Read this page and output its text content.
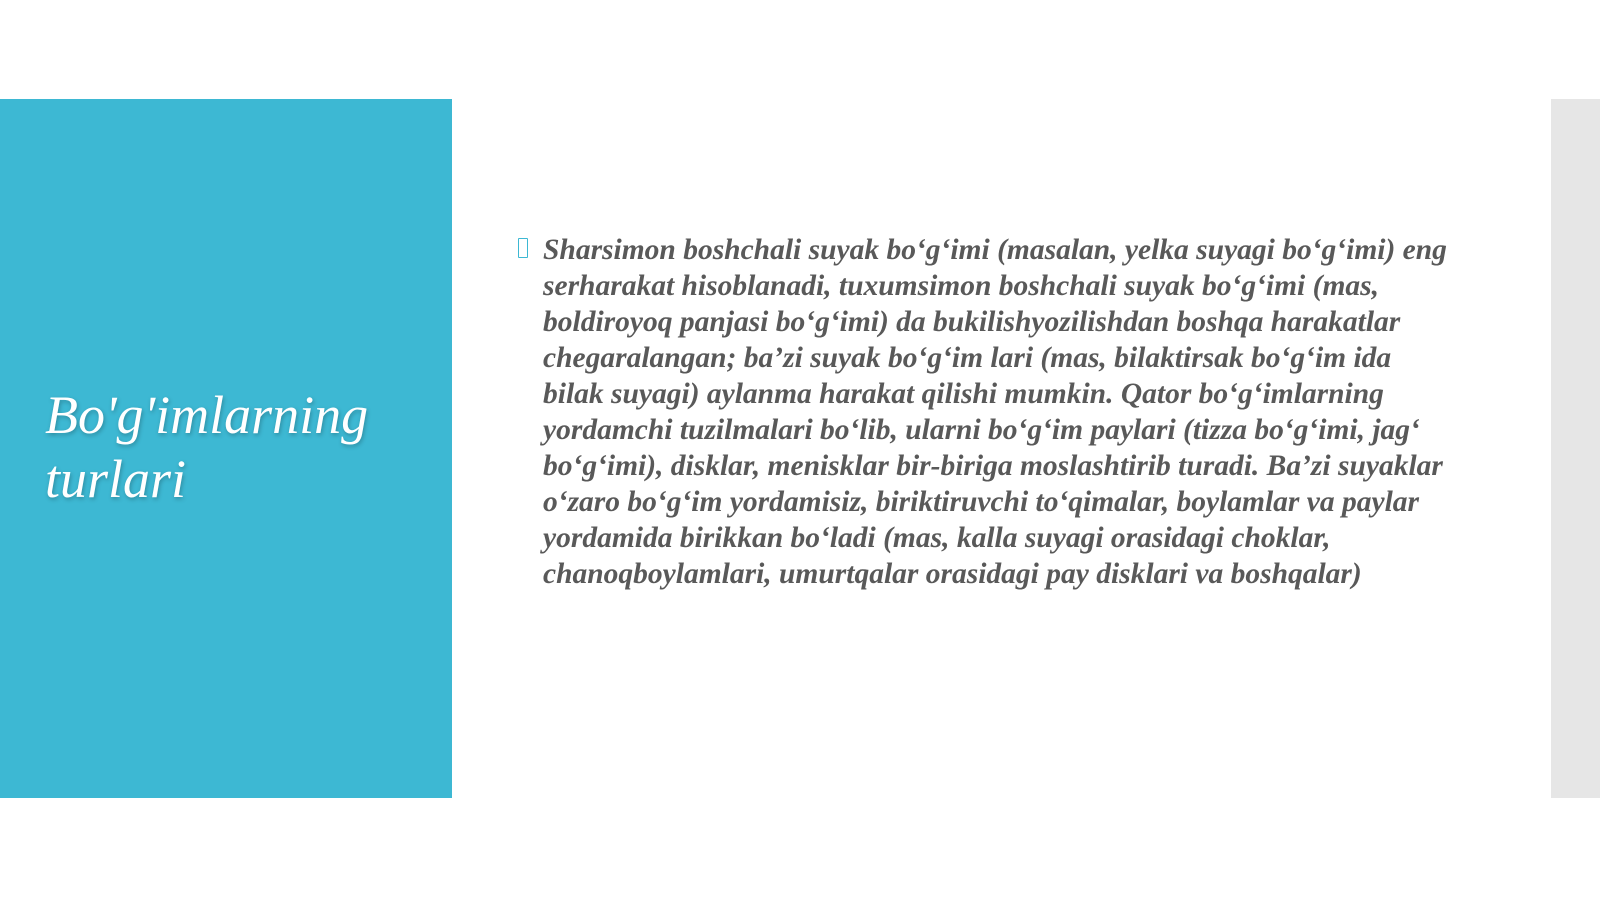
Bo'g'imlarning turlari

Sharsimon boshchali suyak bo‘g‘imi (masalan, yelka suyagi bo‘g‘imi) eng serharakat hisoblanadi, tuxumsimon boshchali suyak bo‘g‘imi (mas, boldiroyoq panjasi bo‘g‘imi) da bukilishyozilishdan boshqa harakatlar chegaralangan; ba’zi suyak bo‘g‘im lari (mas, bilaktirsak bo‘g‘im ida bilak suyagi) aylanma harakat qilishi mumkin. Qator bo‘g‘imlarning yordamchi tuzilmalari bo‘lib, ularni bo‘g‘im paylari (tizza bo‘g‘imi, jag‘ bo‘g‘imi), disklar, menisklar bir-biriga moslashtirib turadi. Ba’zi suyaklar o‘zaro bo‘g‘im yordamisiz, biriktiruvchi to‘qimalar, boylamlar va paylar yordamida birikkan bo‘ladi (mas, kalla suyagi orasidagi choklar, chanoqboylamlari, umurtqalar orasidagi pay disklari va boshqalar)
